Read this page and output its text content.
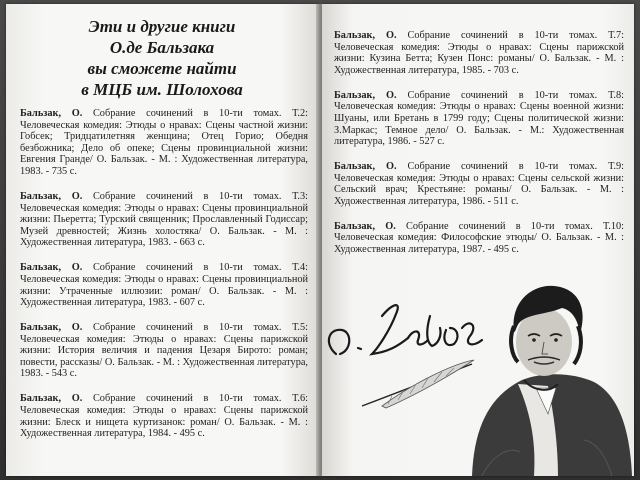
Эти и другие книги
О.де Бальзака
вы сможете найти
в МЦБ им. Шолохова

Бальзак, О. Собрание сочинений в 10-ти томах. Т.2: Человеческая комедия: Этюды о нравах: Сцены частной жизни: Гобсек; Тридцатилетняя женщина; Отец Горио; Обедня безбожника; Дело об опеке; Сцены провинциальной жизни: Евгения Гранде/ О. Бальзак. - М. : Художественная литература, 1983. - 735 с.

Бальзак, О. Собрание сочинений в 10-ти томах. Т.3: Человеческая комедия: Этюды о нравах: Сцены провинциальной жизни: Пьеретта; Турский священник; Прославленный Годиссар; Музей древностей; Жизнь холостяка/ О. Бальзак. - М. : Художественная литература, 1983. - 663 с.

Бальзак, О. Собрание сочинений в 10-ти томах. Т.4: Человеческая комедия: Этюды о нравах: Сцены провинциальной жизни: Утраченные иллюзии: роман/ О. Бальзак. - М. : Художественная литература, 1983. - 607 с.

Бальзак, О. Собрание сочинений в 10-ти томах. Т.5: Человеческая комедия: Этюды о нравах: Сцены парижской жизни: История величия и падения Цезаря Бирото: роман; повести, рассказы/ О. Бальзак. - М. : Художественная литература, 1983. - 543 с.

Бальзак, О. Собрание сочинений в 10-ти томах. Т.6: Человеческая комедия: Этюды о нравах: Сцены парижской жизни: Блеск и нищета куртизанок: роман/ О. Бальзак. - М. : Художественная литература, 1984. - 495 с.

Бальзак, О. Собрание сочинений в 10-ти томах. Т.7: Человеческая комедия: Этюды о нравах: Сцены парижской жизни: Кузина Бетта; Кузен Понс: романы/ О. Бальзак. - М. : Художественная литература, 1985. - 703 с.

Бальзак, О. Собрание сочинений в 10-ти томах. Т.8: Человеческая комедия: Этюды о нравах: Сцены военной жизни: Шуаны, или Бретань в 1799 году; Сцены политической жизни: З.Маркас; Темное дело/ О. Бальзак. - М.: Художественная литература, 1986. - 527 с.

Бальзак, О. Собрание сочинений в 10-ти томах. Т.9: Человеческая комедия: Этюды о нравах: Сцены сельской жизни: Сельский врач; Крестьяне: романы/ О. Бальзак. - М. : Художественная литература, 1986. - 511 с.

Бальзак, О. Собрание сочинений в 10-ти томах. Т.10: Человеческая комедия: Философские этюды/ О. Бальзак. - М. : Художественная литература, 1987. - 495 с.
